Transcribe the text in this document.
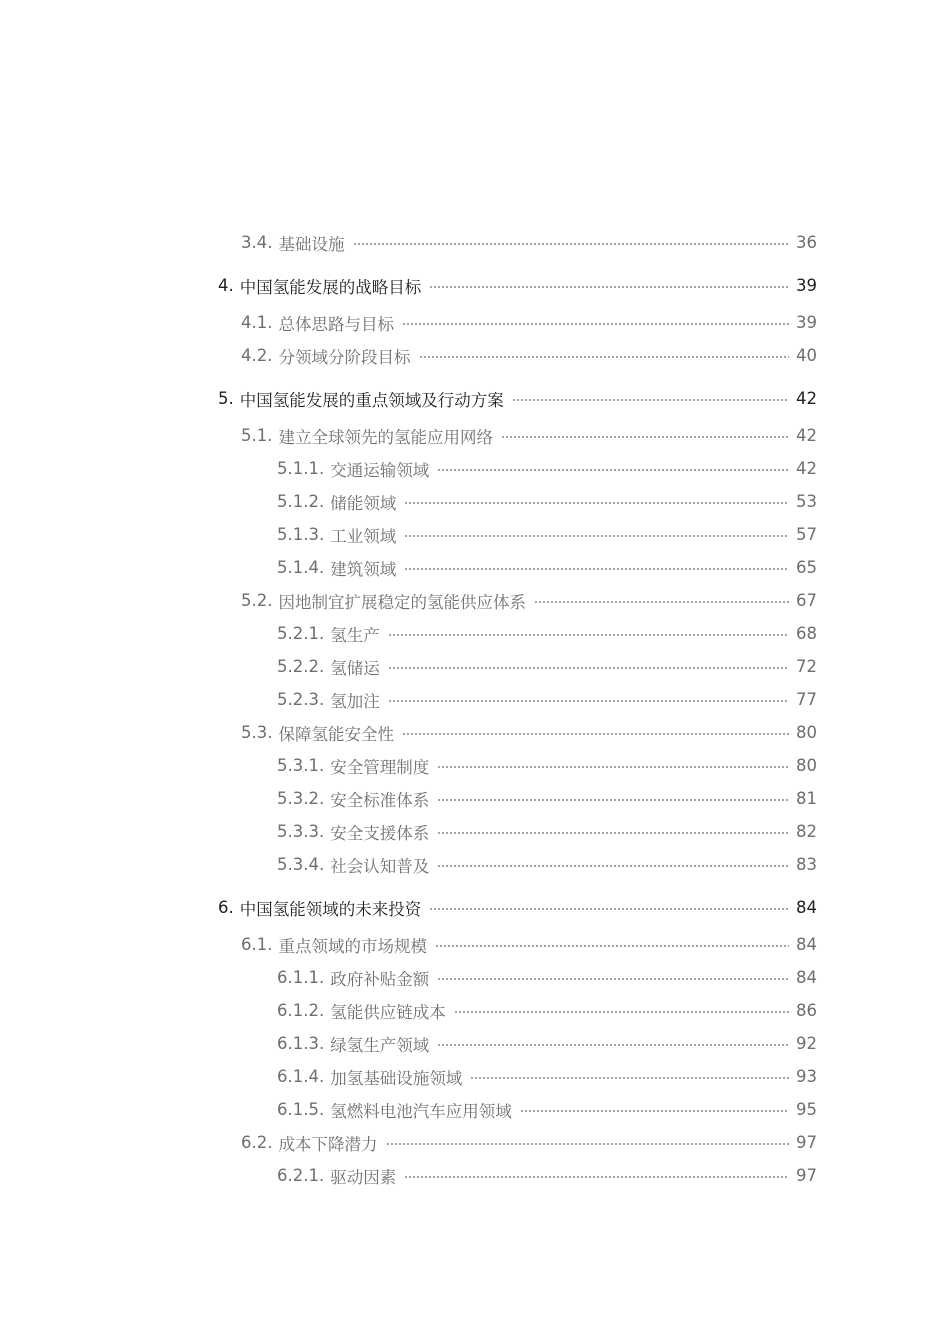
3.4. 基础设施	36
4. 中国氢能发展的战略目标	39
4.1. 总体思路与目标	39
4.2. 分领域分阶段目标	40
5. 中国氢能发展的重点领域及行动方案	42
5.1. 建立全球领先的氢能应用网络	42
5.1.1. 交通运输领域	42
5.1.2. 储能领域	53
5.1.3. 工业领域	57
5.1.4. 建筑领域	65
5.2. 因地制宜扩展稳定的氢能供应体系	67
5.2.1. 氢生产	68
5.2.2. 氢储运	72
5.2.3. 氢加注	77
5.3. 保障氢能安全性	80
5.3.1. 安全管理制度	80
5.3.2. 安全标准体系	81
5.3.3. 安全支援体系	82
5.3.4. 社会认知普及	83
6. 中国氢能领域的未来投资	84
6.1. 重点领域的市场规模	84
6.1.1. 政府补贴金额	84
6.1.2. 氢能供应链成本	86
6.1.3. 绿氢生产领域	92
6.1.4. 加氢基础设施领域	93
6.1.5. 氢燃料电池汽车应用领域	95
6.2. 成本下降潜力	97
6.2.1. 驱动因素	97
